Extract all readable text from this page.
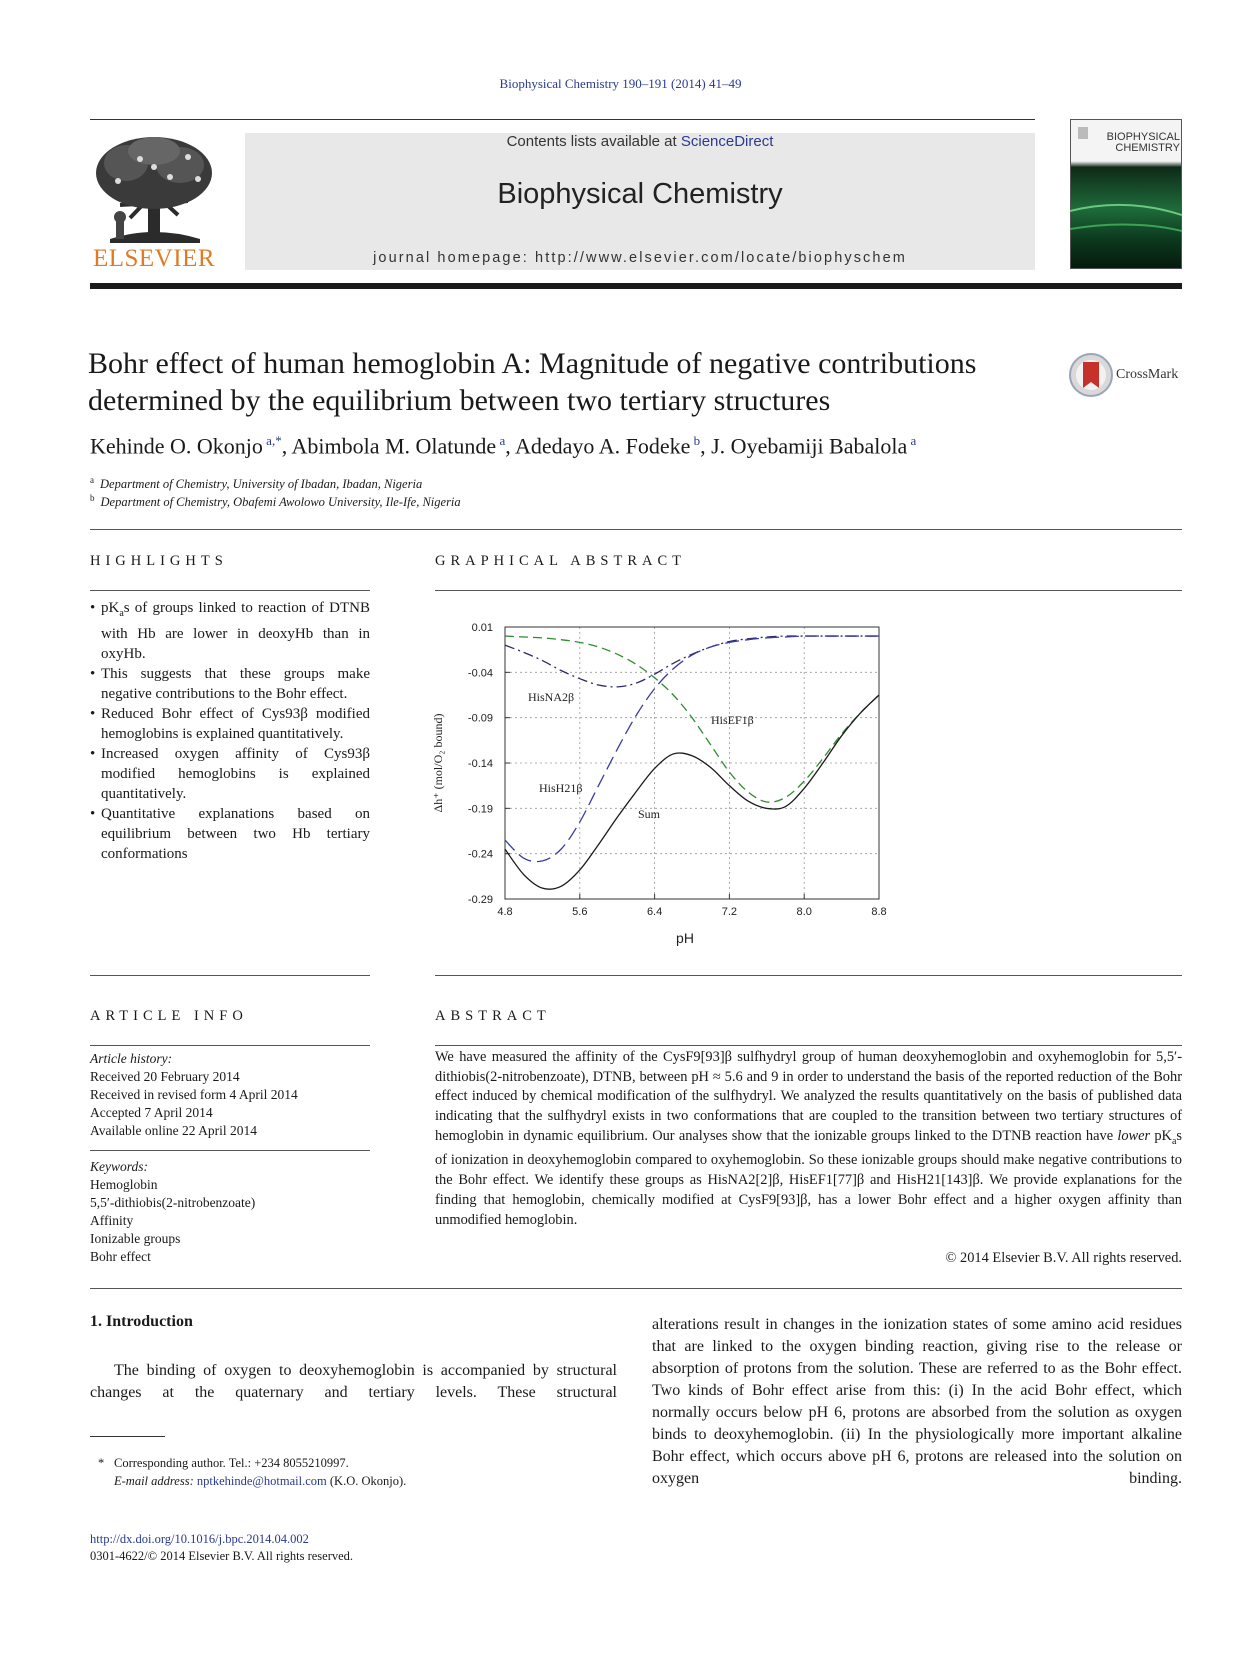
Biophysical Chemistry 190–191 (2014) 41–49
ELSEVIER
Contents lists available at ScienceDirect
Biophysical Chemistry
journal homepage: http://www.elsevier.com/locate/biophyschem
BIOPHYSICAL
CHEMISTRY
Bohr effect of human hemoglobin A: Magnitude of negative contributions
determined by the equilibrium between two tertiary structures
CrossMark
Kehinde O. Okonjo $^{a,*}$, Abimbola M. Olatunde $^a$, Adedayo A. Fodeke $^b$, J. Oyebamiji Babalola $^a$
$^a$ Department of Chemistry, University of Ibadan, Ibadan, Nigeria
$^b$ Department of Chemistry, Obafemi Awolowo University, Ile-Ife, Nigeria
HIGHLIGHTS
• $pK_as$ of groups linked to reaction of DTNB with Hb are lower in deoxyHb than in oxyHb.
• This suggests that these groups make negative contributions to the Bohr effect.
• Reduced Bohr effect of Cys93β modified hemoglobins is explained quantitatively.
• Increased oxygen affinity of Cys93β modified hemoglobins is explained quantitatively.
• Quantitative explanations based on equilibrium between two Hb tertiary conformations
GRAPHICAL ABSTRACT
4.8	5.6	6.4	7.2	8.0	8.8
0.01
-0.04
-0.09
-0.14
-0.19
-0.24
-0.29
pH
Δh⁺ (mol/O₂ bound)
HisNA2β
HisEF1β
HisH21β
Sum
ARTICLE INFO
Article history:
Received 20 February 2014
Received in revised form 4 April 2014
Accepted 7 April 2014
Available online 22 April 2014
Keywords:
Hemoglobin
5,5′-dithiobis(2-nitrobenzoate)
Affinity
Ionizable groups
Bohr effect
ABSTRACT

We have measured the affinity of the CysF9[93]β sulfhydryl group of human deoxyhemoglobin and oxyhemoglobin for 5,5′-dithiobis(2-nitrobenzoate), DTNB, between pH ≈ 5.6 and 9 in order to understand the basis of the reported reduction of the Bohr effect induced by chemical modification of the sulfhydryl. We analyzed the results quantitatively on the basis of published data indicating that the sulfhydryl exists in two conformations that are coupled to the transition between two tertiary structures of hemoglobin in dynamic equilibrium. Our analyses show that the ionizable groups linked to the DTNB reaction have lower $pK_as$ of ionization in deoxyhemoglobin compared to oxyhemoglobin. So these ionizable groups should make negative contributions to the Bohr effect. We identify these groups as HisNA2[2]β, HisEF1[77]β and HisH21[143]β. We provide explanations for the finding that hemoglobin, chemically modified at CysF9[93]β, has a lower Bohr effect and a higher oxygen affinity than unmodified hemoglobin.

© 2014 Elsevier B.V. All rights reserved.
1. Introduction

The binding of oxygen to deoxyhemoglobin is accompanied by structural changes at the quaternary and tertiary levels. These structural

alterations result in changes in the ionization states of some amino acid residues that are linked to the oxygen binding reaction, giving rise to the release or absorption of protons from the solution. These are referred to as the Bohr effect. Two kinds of Bohr effect arise from this: (i) In the acid Bohr effect, which normally occurs below pH 6, protons are absorbed from the solution as oxygen binds to deoxyhemoglobin. (ii) In the physiologically more important alkaline Bohr effect, which occurs above pH 6, protons are released into the solution on oxygen binding.

* Corresponding author. Tel.: +234 8055210997.
E-mail address: nptkehinde@hotmail.com (K.O. Okonjo).
http://dx.doi.org/10.1016/j.bpc.2014.04.002
0301-4622/© 2014 Elsevier B.V. All rights reserved.
